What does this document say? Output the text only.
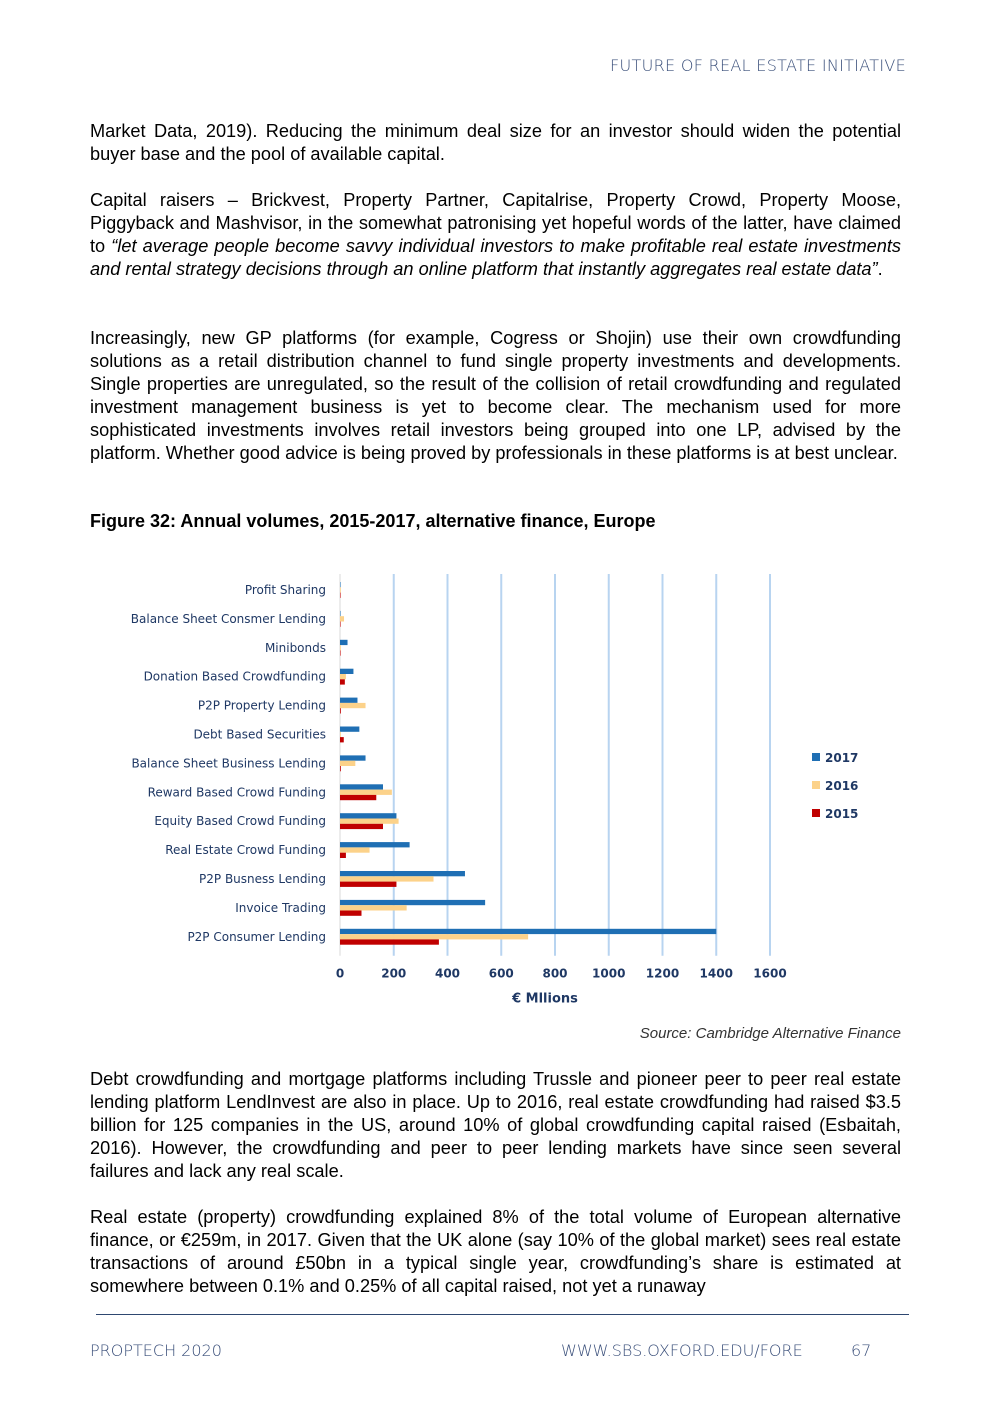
FUTURE OF REAL ESTATE INITIATIVE

Market Data, 2019). Reducing the minimum deal size for an investor should widen the potential buyer base and the pool of available capital.

Capital raisers – Brickvest, Property Partner, Capitalrise, Property Crowd, Property Moose, Piggyback and Mashvisor, in the somewhat patronising yet hopeful words of the latter, have claimed to “let average people become savvy individual investors to make profitable real estate investments and rental strategy decisions through an online platform that instantly aggregates real estate data”.

Increasingly, new GP platforms (for example, Cogress or Shojin) use their own crowdfunding solutions as a retail distribution channel to fund single property investments and developments. Single properties are unregulated, so the result of the collision of retail crowdfunding and regulated investment management business is yet to become clear. The mechanism used for more sophisticated investments involves retail investors being grouped into one LP, advised by the platform. Whether good advice is being proved by professionals in these platforms is at best unclear.

Figure 32: Annual volumes, 2015-2017, alternative finance, Europe

Profit Sharing
Balance Sheet Consmer Lending
Minibonds
Donation Based Crowdfunding
P2P Property Lending
Debt Based Securities
Balance Sheet Business Lending
Reward Based Crowd Funding
Equity Based Crowd Funding
Real Estate Crowd Funding
P2P Busness Lending
Invoice Trading
P2P Consumer Lending
0	200 400 600 800 1000 1200 1400 1600
€ Mllions
2017
2016
2015
Source: Cambridge Alternative Finance

Debt crowdfunding and mortgage platforms including Trussle and pioneer peer to peer real estate lending platform LendInvest are also in place. Up to 2016, real estate crowdfunding had raised $3.5 billion for 125 companies in the US, around 10% of global crowdfunding capital raised (Esbaitah, 2016). However, the crowdfunding and peer to peer lending markets have since seen several failures and lack any real scale.

Real estate (property) crowdfunding explained 8% of the total volume of European alternative finance, or €259m, in 2017. Given that the UK alone (say 10% of the global market) sees real estate transactions of around £50bn in a typical single year, crowdfunding’s share is estimated at somewhere between 0.1% and 0.25% of all capital raised, not yet a runaway

PROPTECH 2020	WWW.SBS.OXFORD.EDU/FORE	67
